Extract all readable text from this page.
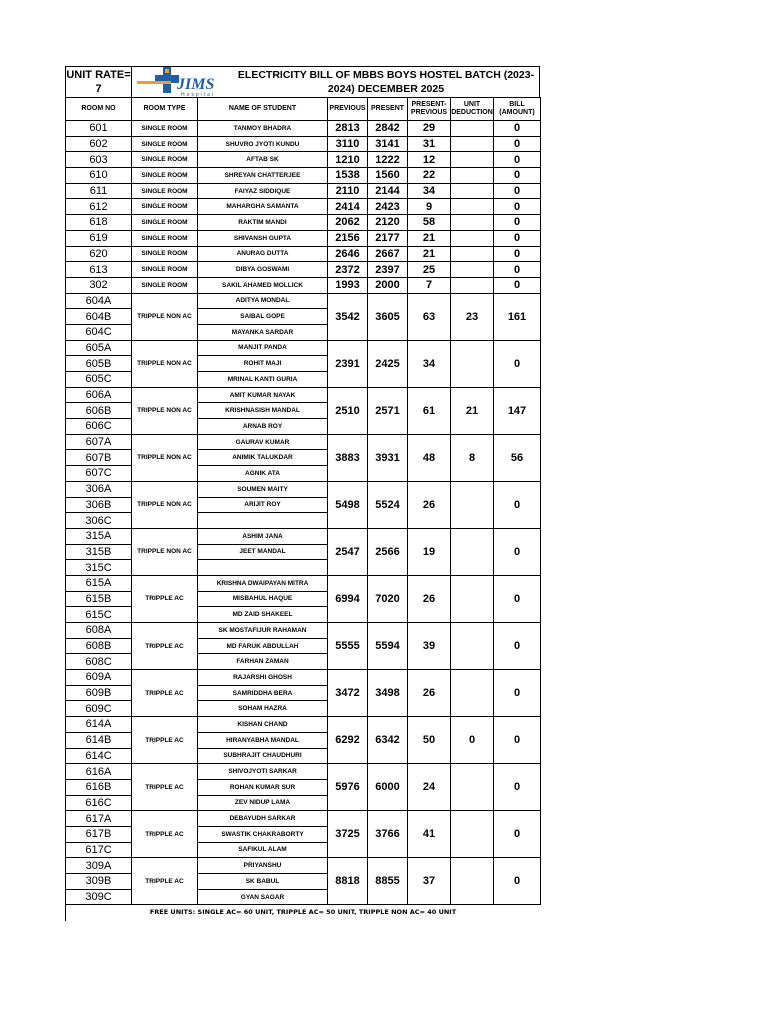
UNIT RATE=
7	JIMS
Hospital
ELECTRICITY BILL OF MBBS BOYS HOSTEL BATCH (2023-
2024) DECEMBER 2025
ROOM NO	ROOM TYPE	NAME OF STUDENT	PREVIOUS	PRESENT	PRESENT-PREVIOUS	UNIT DEDUCTION	BILL (AMOUNT)
601	SINGLE ROOM	TANMOY BHADRA	2813	2842	29		0
602	SINGLE ROOM	SHUVRO JYOTI KUNDU	3110	3141	31		0
603	SINGLE ROOM	AFTAB SK	1210	1222	12		0
610	SINGLE ROOM	SHREYAN CHATTERJEE	1538	1560	22		0
611	SINGLE ROOM	FAIYAZ SIDDIQUE	2110	2144	34		0
612	SINGLE ROOM	MAHARGHA SAMANTA	2414	2423	9		0
618	SINGLE ROOM	RAKTIM MANDI	2062	2120	58		0
619	SINGLE ROOM	SHIVANSH GUPTA	2156	2177	21		0
620	SINGLE ROOM	ANURAG DUTTA	2646	2667	21		0
613	SINGLE ROOM	DIBYA GOSWAMI	2372	2397	25		0
302	SINGLE ROOM	SAKIL AHAMED MOLLICK	1993	2000	7		0
604A	TRIPPLE NON AC	ADITYA MONDAL	3542	3605	63	23	161
604B		SAIBAL GOPE					
604C		MAYANKA SARDAR					
605A	TRIPPLE NON AC	MANJIT PANDA	2391	2425	34		0
605B		ROHIT MAJI					
605C		MRINAL KANTI GURIA					
606A	TRIPPLE NON AC	AMIT KUMAR NAYAK	2510	2571	61	21	147
606B		KRISHNASISH MANDAL					
606C		ARNAB ROY					
607A	TRIPPLE NON AC	GAURAV KUMAR	3883	3931	48	8	56
607B		ANIMIK TALUKDAR					
607C		AGNIK ATA					
306A	TRIPPLE NON AC	SOUMEN MAITY	5498	5524	26		0
306B		ARIJIT ROY					
306C							
315A	TRIPPLE NON AC	ASHIM JANA	2547	2566	19		0
315B		JEET MANDAL					
315C							
615A	TRIPPLE AC	KRISHNA DWAIPAYAN MITRA	6994	7020	26		0
615B		MISBAHUL HAQUE					
615C		MD ZAID SHAKEEL					
608A	TRIPPLE AC	SK MOSTAFIJUR RAHAMAN	5555	5594	39		0
608B		MD FARUK ABDULLAH					
608C		FARHAN ZAMAN					
609A	TRIPPLE AC	RAJARSHI GHOSH	3472	3498	26		0
609B		SAMRIDDHA BERA					
609C		SOHAM HAZRA					
614A	TRIPPLE AC	KISHAN CHAND	6292	6342	50	0	0
614B		HIRANYABHA MANDAL					
614C		SUBHRAJIT CHAUDHURI					
616A	TRIPPLE AC	SHIVOJYOTI SARKAR	5976	6000	24		0
616B		ROHAN KUMAR SUR					
616C		ZEV NIDUP LAMA					
617A	TRIPPLE AC	DEBAYUDH SARKAR	3725	3766	41		0
617B		SWASTIK CHAKRABORTY					
617C		SAFIKUL ALAM					
309A	TRIPPLE AC	PRIYANSHU	8818	8855	37		0
309B		SK BABUL					
309C		GYAN SAGAR					
FREE UNITS: SINGLE AC= 60 UNIT, TRIPPLE AC= 50 UNIT, TRIPPLE NON AC= 40 UNIT
